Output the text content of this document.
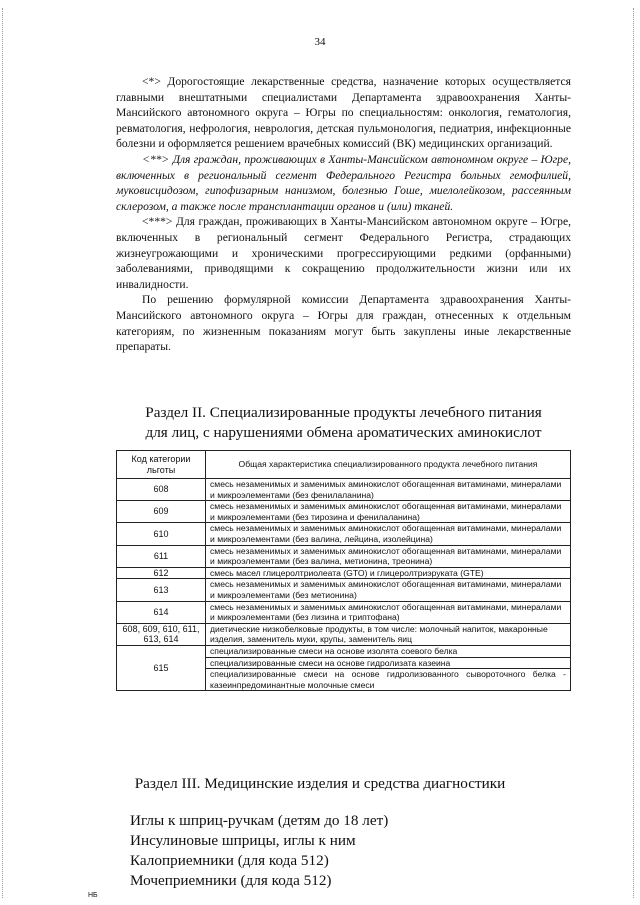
34

<*> Дорогостоящие лекарственные средства, назначение которых осуществляется главными внештатными специалистами Департамента здравоохранения Ханты-Мансийского автономного округа – Югры по специальностям: онкология, гематология, ревматология, нефрология, неврология, детская пульмонология, педиатрия, инфекционные болезни и оформляется решением врачебных комиссий (ВК) медицинских организаций.

<**> Для граждан, проживающих в Ханты-Мансийском автономном округе – Югре, включенных в региональный сегмент Федерального Регистра больных гемофилией, муковисцидозом, гипофизарным нанизмом, болезнью Гоше, миелолейкозом, рассеянным склерозом, а также после трансплантации органов и (или) тканей.

<***> Для граждан, проживающих в Ханты-Мансийском автономном округе – Югре, включенных в региональный сегмент Федерального Регистра, страдающих жизнеугрожающими и хроническими прогрессирующими редкими (орфанными) заболеваниями, приводящими к сокращению продолжительности жизни или их инвалидности.

По решению формулярной комиссии Департамента здравоохранения Ханты-Мансийского автономного округа – Югры для граждан, отнесенных к отдельным категориям, по жизненным показаниям могут быть закуплены иные лекарственные препараты.

Раздел II. Специализированные продукты лечебного питания
для лиц, с нарушениями обмена ароматических аминокислот
Код категории льготы	Общая характеристика специализированного продукта лечебного питания
608	смесь незаменимых и заменимых аминокислот обогащенная витаминами, минералами и микроэлементами (без фенилаланина)
609	смесь незаменимых и заменимых аминокислот обогащенная витаминами, минералами и микроэлементами (без тирозина и фенилаланина)
610	смесь незаменимых и заменимых аминокислот обогащенная витаминами, минералами и микроэлементами (без валина, лейцина, изолейцина)
611	смесь незаменимых и заменимых аминокислот обогащенная витаминами, минералами и микроэлементами (без валина, метионина, треонина)
612	смесь масел глицеролтриолеата (GTO) и глицеролтриэруката (GTE)
613	смесь незаменимых и заменимых аминокислот обогащенная витаминами, минералами и микроэлементами (без метионина)
614	смесь незаменимых и заменимых аминокислот обогащенная витаминами, минералами и микроэлементами (без лизина и триптофана)
608, 609, 610, 611, 613, 614	диетические низкобелковые продукты, в том числе: молочный напиток, макаронные изделия, заменитель муки, крупы, заменитель яиц
615	специализированные смеси на основе изолята соевого белка
	специализированные смеси на основе гидролизата казеина
	специализированные смеси на основе гидролизованного сывороточного белка - казеинпредоминантные молочные смеси
Раздел III. Медицинские изделия и средства диагностики
Иглы к шприц-ручкам (детям до 18 лет)
Инсулиновые шприцы, иглы к ним
Калоприемники (для кода 512)
Мочеприемники (для кода 512)
НБ
